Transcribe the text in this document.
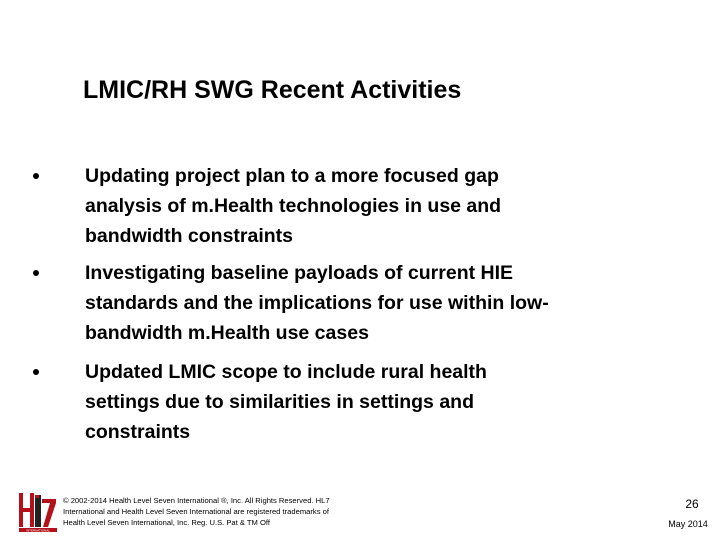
LMIC/RH SWG Recent Activities
Updating project plan to a more focused gap
analysis of m.Health technologies in use and
bandwidth constraints
Investigating baseline payloads of current HIE
standards and the implications for use within low-
bandwidth m.Health use cases
Updated LMIC scope to include rural health
settings due to similarities in settings and
constraints
INTERNATIONAL
© 2002-2014 Health Level Seven International ®, Inc. All Rights Reserved. HL7
International and Health Level Seven International are registered trademarks of
Health Level Seven International, Inc. Reg. U.S. Pat & TM Off
26
May 2014
